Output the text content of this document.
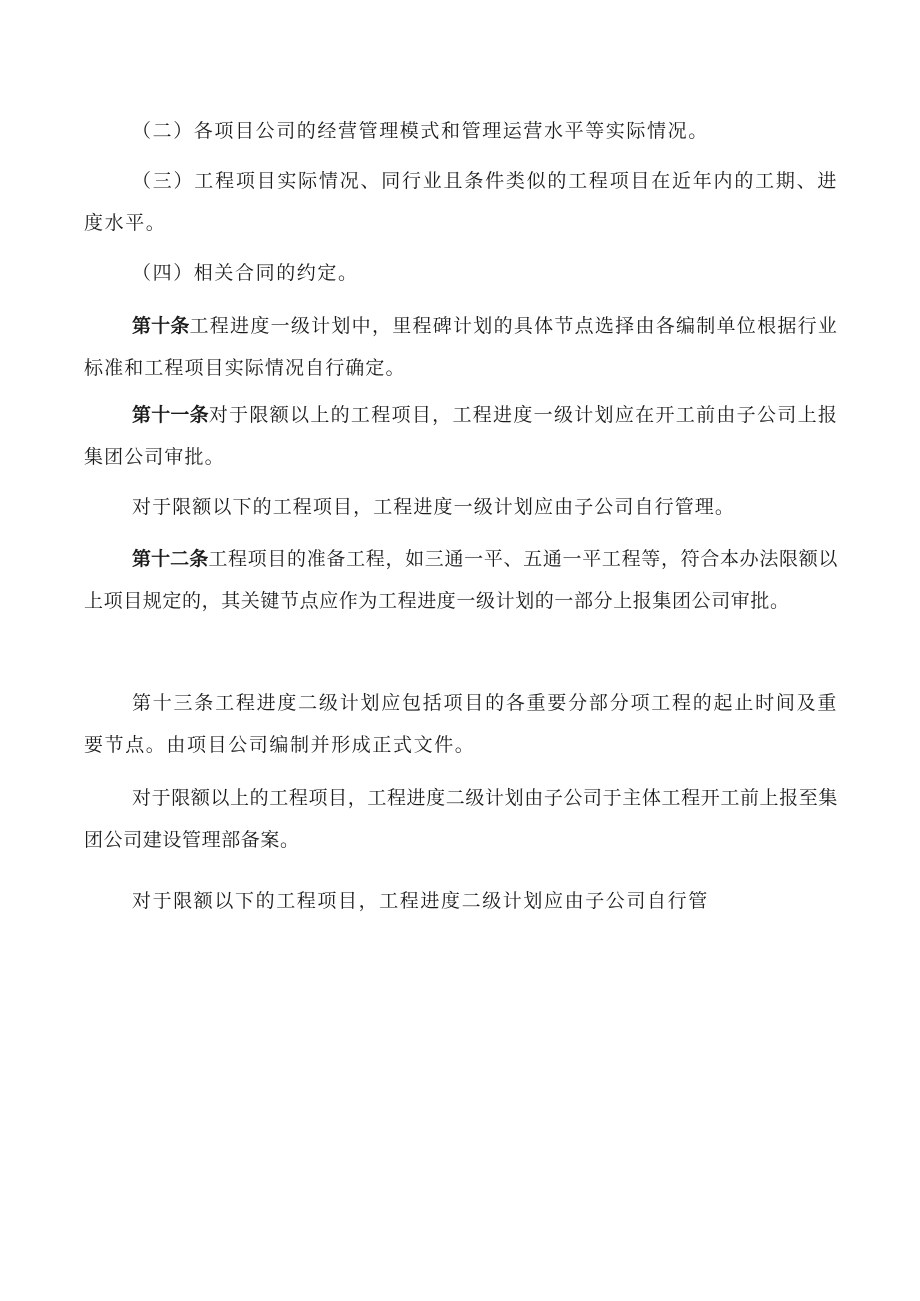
（二）各项目公司的经营管理模式和管理运营水平等实际情况。

（三）工程项目实际情况、同行业且条件类似的工程项目在近年内的工期、进度水平。

（四）相关合同的约定。

第十条工程进度一级计划中，里程碑计划的具体节点选择由各编制单位根据行业标准和工程项目实际情况自行确定。

第十一条对于限额以上的工程项目，工程进度一级计划应在开工前由子公司上报集团公司审批。

对于限额以下的工程项目，工程进度一级计划应由子公司自行管理。

第十二条工程项目的准备工程，如三通一平、五通一平工程等，符合本办法限额以上项目规定的，其关键节点应作为工程进度一级计划的一部分上报集团公司审批。

第十三条工程进度二级计划应包括项目的各重要分部分项工程的起止时间及重要节点。由项目公司编制并形成正式文件。

对于限额以上的工程项目，工程进度二级计划由子公司于主体工程开工前上报至集团公司建设管理部备案。

对于限额以下的工程项目，工程进度二级计划应由子公司自行管
